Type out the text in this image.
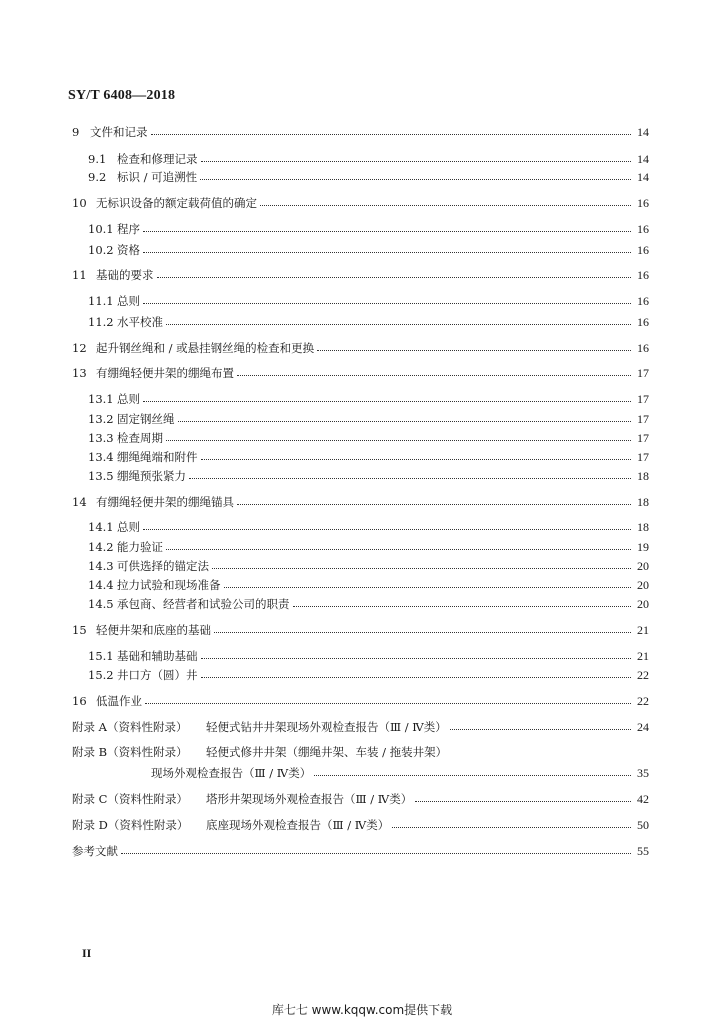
SY/T 6408—2018
9 文件和记录	14
9.1 检查和修理记录	14
9.2 标识 / 可追溯性	14
10 无标识设备的额定载荷值的确定	16
10.1 程序	16
10.2 资格	16
11 基础的要求	16
11.1 总则	16
11.2 水平校准	16
12 起升钢丝绳和 / 或悬挂钢丝绳的检查和更换	16
13 有绷绳轻便井架的绷绳布置	17
13.1 总则	17
13.2 固定钢丝绳	17
13.3 检查周期	17
13.4 绷绳绳端和附件	17
13.5 绷绳预张紧力	18
14 有绷绳轻便井架的绷绳锚具	18
14.1 总则	18
14.2 能力验证	19
14.3 可供选择的锚定法	20
14.4 拉力试验和现场准备	20
14.5 承包商、经营者和试验公司的职责	20
15 轻便井架和底座的基础	21
15.1 基础和辅助基础	21
15.2 井口方（圆）井	22
16 低温作业	22
附录 A（资料性附录） 轻便式钻井井架现场外观检查报告（Ⅲ / Ⅳ类）	24
附录 B（资料性附录） 轻便式修井井架（绷绳井架、车装 / 拖装井架）
现场外观检查报告（Ⅲ / Ⅳ类）	35
附录 C（资料性附录） 塔形井架现场外观检查报告（Ⅲ / Ⅳ类）	42
附录 D（资料性附录） 底座现场外观检查报告（Ⅲ / Ⅳ类）	50
参考文献	55
II
库七七 www.kqqw.com提供下载
